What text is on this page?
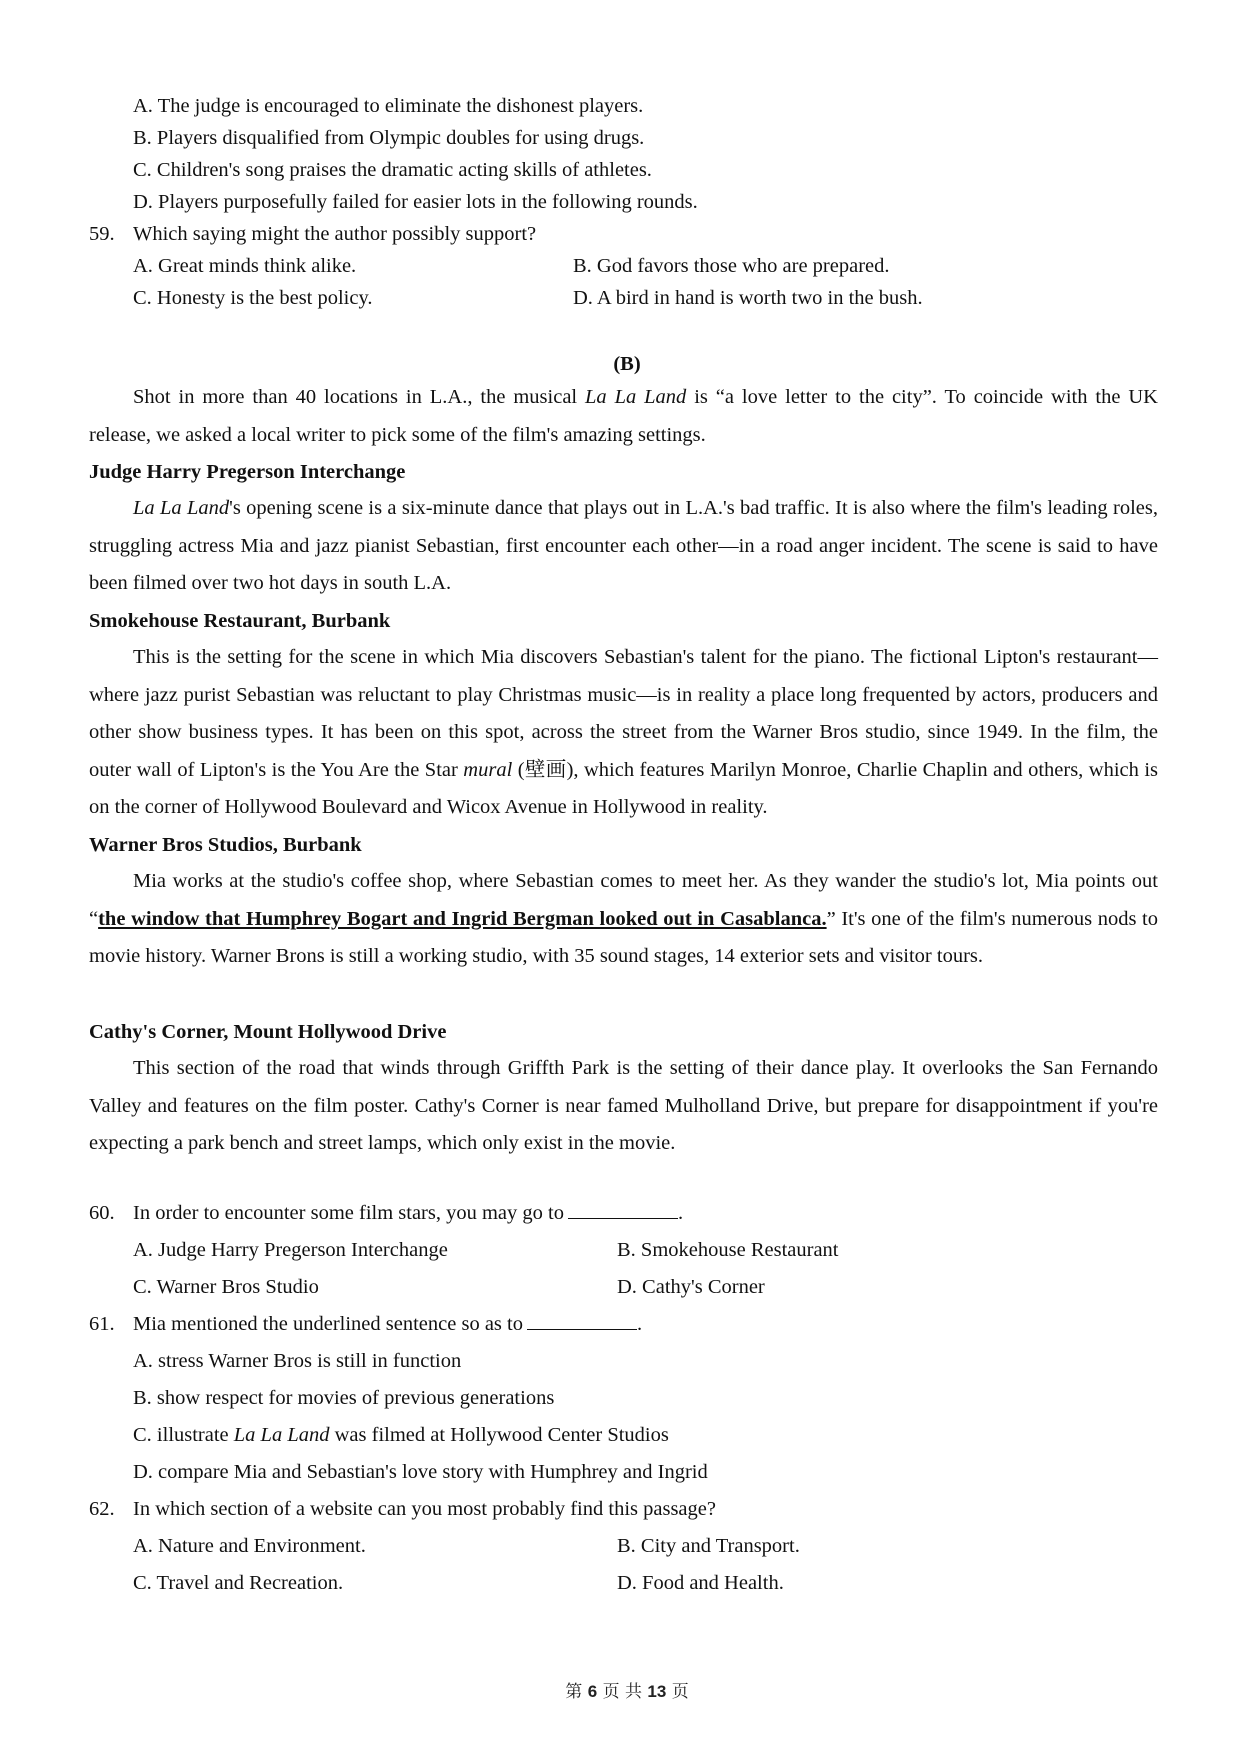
A. The judge is encouraged to eliminate the dishonest players.
B. Players disqualified from Olympic doubles for using drugs.
C. Children's song praises the dramatic acting skills of athletes.
D. Players purposefully failed for easier lots in the following rounds.
59. Which saying might the author possibly support?
A. Great minds think alike.	B. God favors those who are prepared.
C. Honesty is the best policy.	D. A bird in hand is worth two in the bush.
(B)
Shot in more than 40 locations in L.A., the musical La La Land is “a love letter to the city”. To coincide with the UK release, we asked a local writer to pick some of the film's amazing settings.
Judge Harry Pregerson Interchange
La La Land's opening scene is a six-minute dance that plays out in L.A.'s bad traffic. It is also where the film's leading roles, struggling actress Mia and jazz pianist Sebastian, first encounter each other—in a road anger incident. The scene is said to have been filmed over two hot days in south L.A.
Smokehouse Restaurant, Burbank
This is the setting for the scene in which Mia discovers Sebastian's talent for the piano. The fictional Lipton's restaurant—where jazz purist Sebastian was reluctant to play Christmas music—is in reality a place long frequented by actors, producers and other show business types. It has been on this spot, across the street from the Warner Bros studio, since 1949. In the film, the outer wall of Lipton's is the You Are the Star mural (壁画), which features Marilyn Monroe, Charlie Chaplin and others, which is on the corner of Hollywood Boulevard and Wicox Avenue in Hollywood in reality.
Warner Bros Studios, Burbank
Mia works at the studio's coffee shop, where Sebastian comes to meet her. As they wander the studio's lot, Mia points out “the window that Humphrey Bogart and Ingrid Bergman looked out in Casablanca.” It's one of the film's numerous nods to movie history. Warner Brons is still a working studio, with 35 sound stages, 14 exterior sets and visitor tours.
Cathy's Corner, Mount Hollywood Drive
This section of the road that winds through Griffth Park is the setting of their dance play. It overlooks the San Fernando Valley and features on the film poster. Cathy's Corner is near famed Mulholland Drive, but prepare for disappointment if you're expecting a park bench and street lamps, which only exist in the movie.
60. In order to encounter some film stars, you may go to	.
A. Judge Harry Pregerson Interchange	B. Smokehouse Restaurant
C. Warner Bros Studio	D. Cathy's Corner
61. Mia mentioned the underlined sentence so as to	.
A. stress Warner Bros is still in function
B. show respect for movies of previous generations
C. illustrate La La Land was filmed at Hollywood Center Studios
D. compare Mia and Sebastian's love story with Humphrey and Ingrid
62. In which section of a website can you most probably find this passage?
A. Nature and Environment.	B. City and Transport.
C. Travel and Recreation.	D. Food and Health.
第 6 页 共 13 页
